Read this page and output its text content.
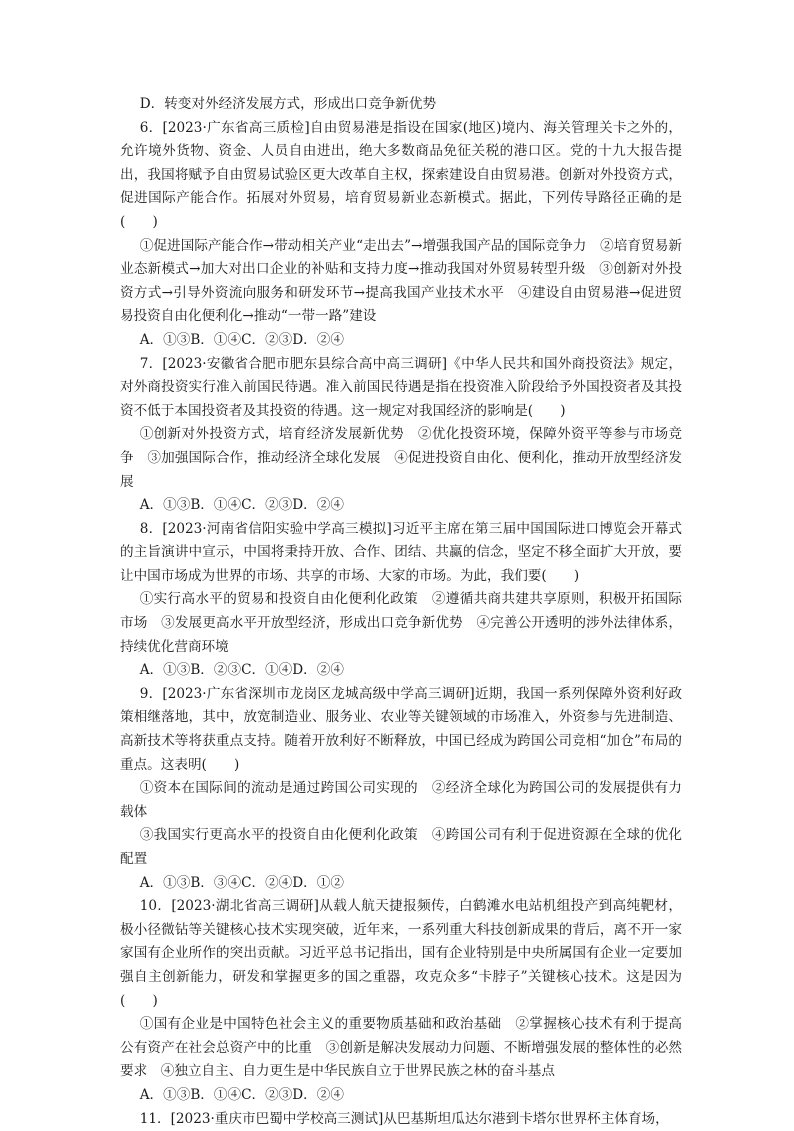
D．转变对外经济发展方式，形成出口竞争新优势

6．[2023·广东省高三质检]自由贸易港是指设在国家(地区)境内、海关管理关卡之外的，允许境外货物、资金、人员自由进出，绝大多数商品免征关税的港口区。党的十九大报告提出，我国将赋予自由贸易试验区更大改革自主权，探索建设自由贸易港。创新对外投资方式，促进国际产能合作。拓展对外贸易，培育贸易新业态新模式。据此，下列传导路径正确的是(　　)

①促进国际产能合作→带动相关产业“走出去”→增强我国产品的国际竞争力　②培育贸易新业态新模式→加大对出口企业的补贴和支持力度→推动我国对外贸易转型升级　③创新对外投资方式→引导外资流向服务和研发环节→提高我国产业技术水平　④建设自由贸易港→促进贸易投资自由化便利化→推动“一带一路”建设

A．①③B．①④C．②③D．②④

7．[2023·安徽省合肥市肥东县综合高中高三调研]《中华人民共和国外商投资法》规定，对外商投资实行准入前国民待遇。准入前国民待遇是指在投资准入阶段给予外国投资者及其投资不低于本国投资者及其投资的待遇。这一规定对我国经济的影响是(　　)

①创新对外投资方式，培育经济发展新优势　②优化投资环境，保障外资平等参与市场竞争　③加强国际合作，推动经济全球化发展　④促进投资自由化、便利化，推动开放型经济发展

A．①③B．①④C．②③D．②④

8．[2023·河南省信阳实验中学高三模拟]习近平主席在第三届中国国际进口博览会开幕式的主旨演讲中宣示，中国将秉持开放、合作、团结、共赢的信念，坚定不移全面扩大开放，要让中国市场成为世界的市场、共享的市场、大家的市场。为此，我们要(　　)

①实行高水平的贸易和投资自由化便利化政策　②遵循共商共建共享原则，积极开拓国际市场　③发展更高水平开放型经济，形成出口竞争新优势　④完善公开透明的涉外法律体系，持续优化营商环境

A．①③B．②③C．①④D．②④

9．[2023·广东省深圳市龙岗区龙城高级中学高三调研]近期，我国一系列保障外资利好政策相继落地，其中，放宽制造业、服务业、农业等关键领域的市场准入，外资参与先进制造、高新技术等将获重点支持。随着开放利好不断释放，中国已经成为跨国公司竞相“加仓”布局的重点。这表明(　　)

①资本在国际间的流动是通过跨国公司实现的　②经济全球化为跨国公司的发展提供有力载体

③我国实行更高水平的投资自由化便利化政策　④跨国公司有利于促进资源在全球的优化配置

A．①③B．③④C．②④D．①②

10．[2023·湖北省高三调研]从载人航天捷报频传，白鹤滩水电站机组投产到高纯靶材，极小径微钻等关键核心技术实现突破，近年来，一系列重大科技创新成果的背后，离不开一家家国有企业所作的突出贡献。习近平总书记指出，国有企业特别是中央所属国有企业一定要加强自主创新能力，研发和掌握更多的国之重器，攻克众多“卡脖子”关键核心技术。这是因为(　　)

①国有企业是中国特色社会主义的重要物质基础和政治基础　②掌握核心技术有利于提高公有资产在社会总资产中的比重　③创新是解决发展动力问题、不断增强发展的整体性的必然要求　④独立自主、自力更生是中华民族自立于世界民族之林的奋斗基点

A．①③B．①④C．②③D．②④

11．[2023·重庆市巴蜀中学校高三测试]从巴基斯坦瓜达尔港到卡塔尔世界杯主体育场，
